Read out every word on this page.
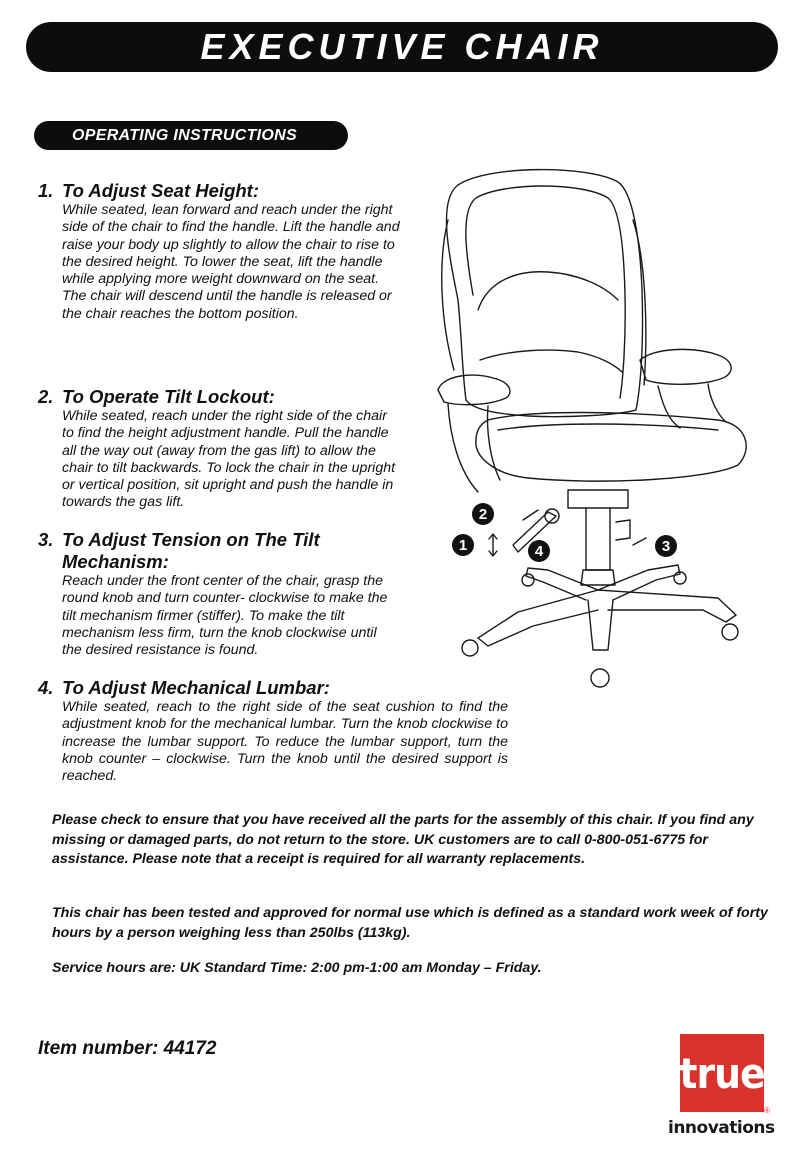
EXECUTIVE CHAIR
OPERATING INSTRUCTIONS
1. To Adjust Seat Height:

While seated, lean forward and reach under the right side of the chair to find the handle. Lift the handle and raise your body up slightly to allow the chair to rise to the desired height. To lower the seat, lift the handle while applying more weight downward on the seat. The chair will descend until the handle is released or the chair reaches the bottom position.

2. To Operate Tilt Lockout:

While seated, reach under the right side of the chair to find the height adjustment handle. Pull the handle all the way out (away from the gas lift) to allow the chair to tilt backwards. To lock the chair in the upright or vertical position, sit upright and push the handle in towards the gas lift.

3. To Adjust Tension on The Tilt Mechanism:

Reach under the front center of the chair, grasp the round knob and turn counter- clockwise to make the tilt mechanism firmer (stiffer). To make the tilt mechanism less firm, turn the knob clockwise until the desired resistance is found.

4. To Adjust Mechanical Lumbar:

While seated, reach to the right side of the seat cushion to find the adjustment knob for the mechanical lumbar. Turn the knob clockwise to increase the lumbar support. To reduce the lumbar support, turn the knob counter – clockwise. Turn the knob until the desired support is reached.

2
1	4	3

Please check to ensure that you have received all the parts for the assembly of this chair. If you find any missing or damaged parts, do not return to the store. UK customers are to call 0-800-051-6775 for assistance. Please note that a receipt is required for all warranty replacements.

This chair has been tested and approved for normal use which is defined as a standard work week of forty hours by a person weighing less than 250lbs (113kg).

Service hours are: UK Standard Time: 2:00 pm-1:00 am Monday – Friday.

Item number: 44172	true
®
innovations
